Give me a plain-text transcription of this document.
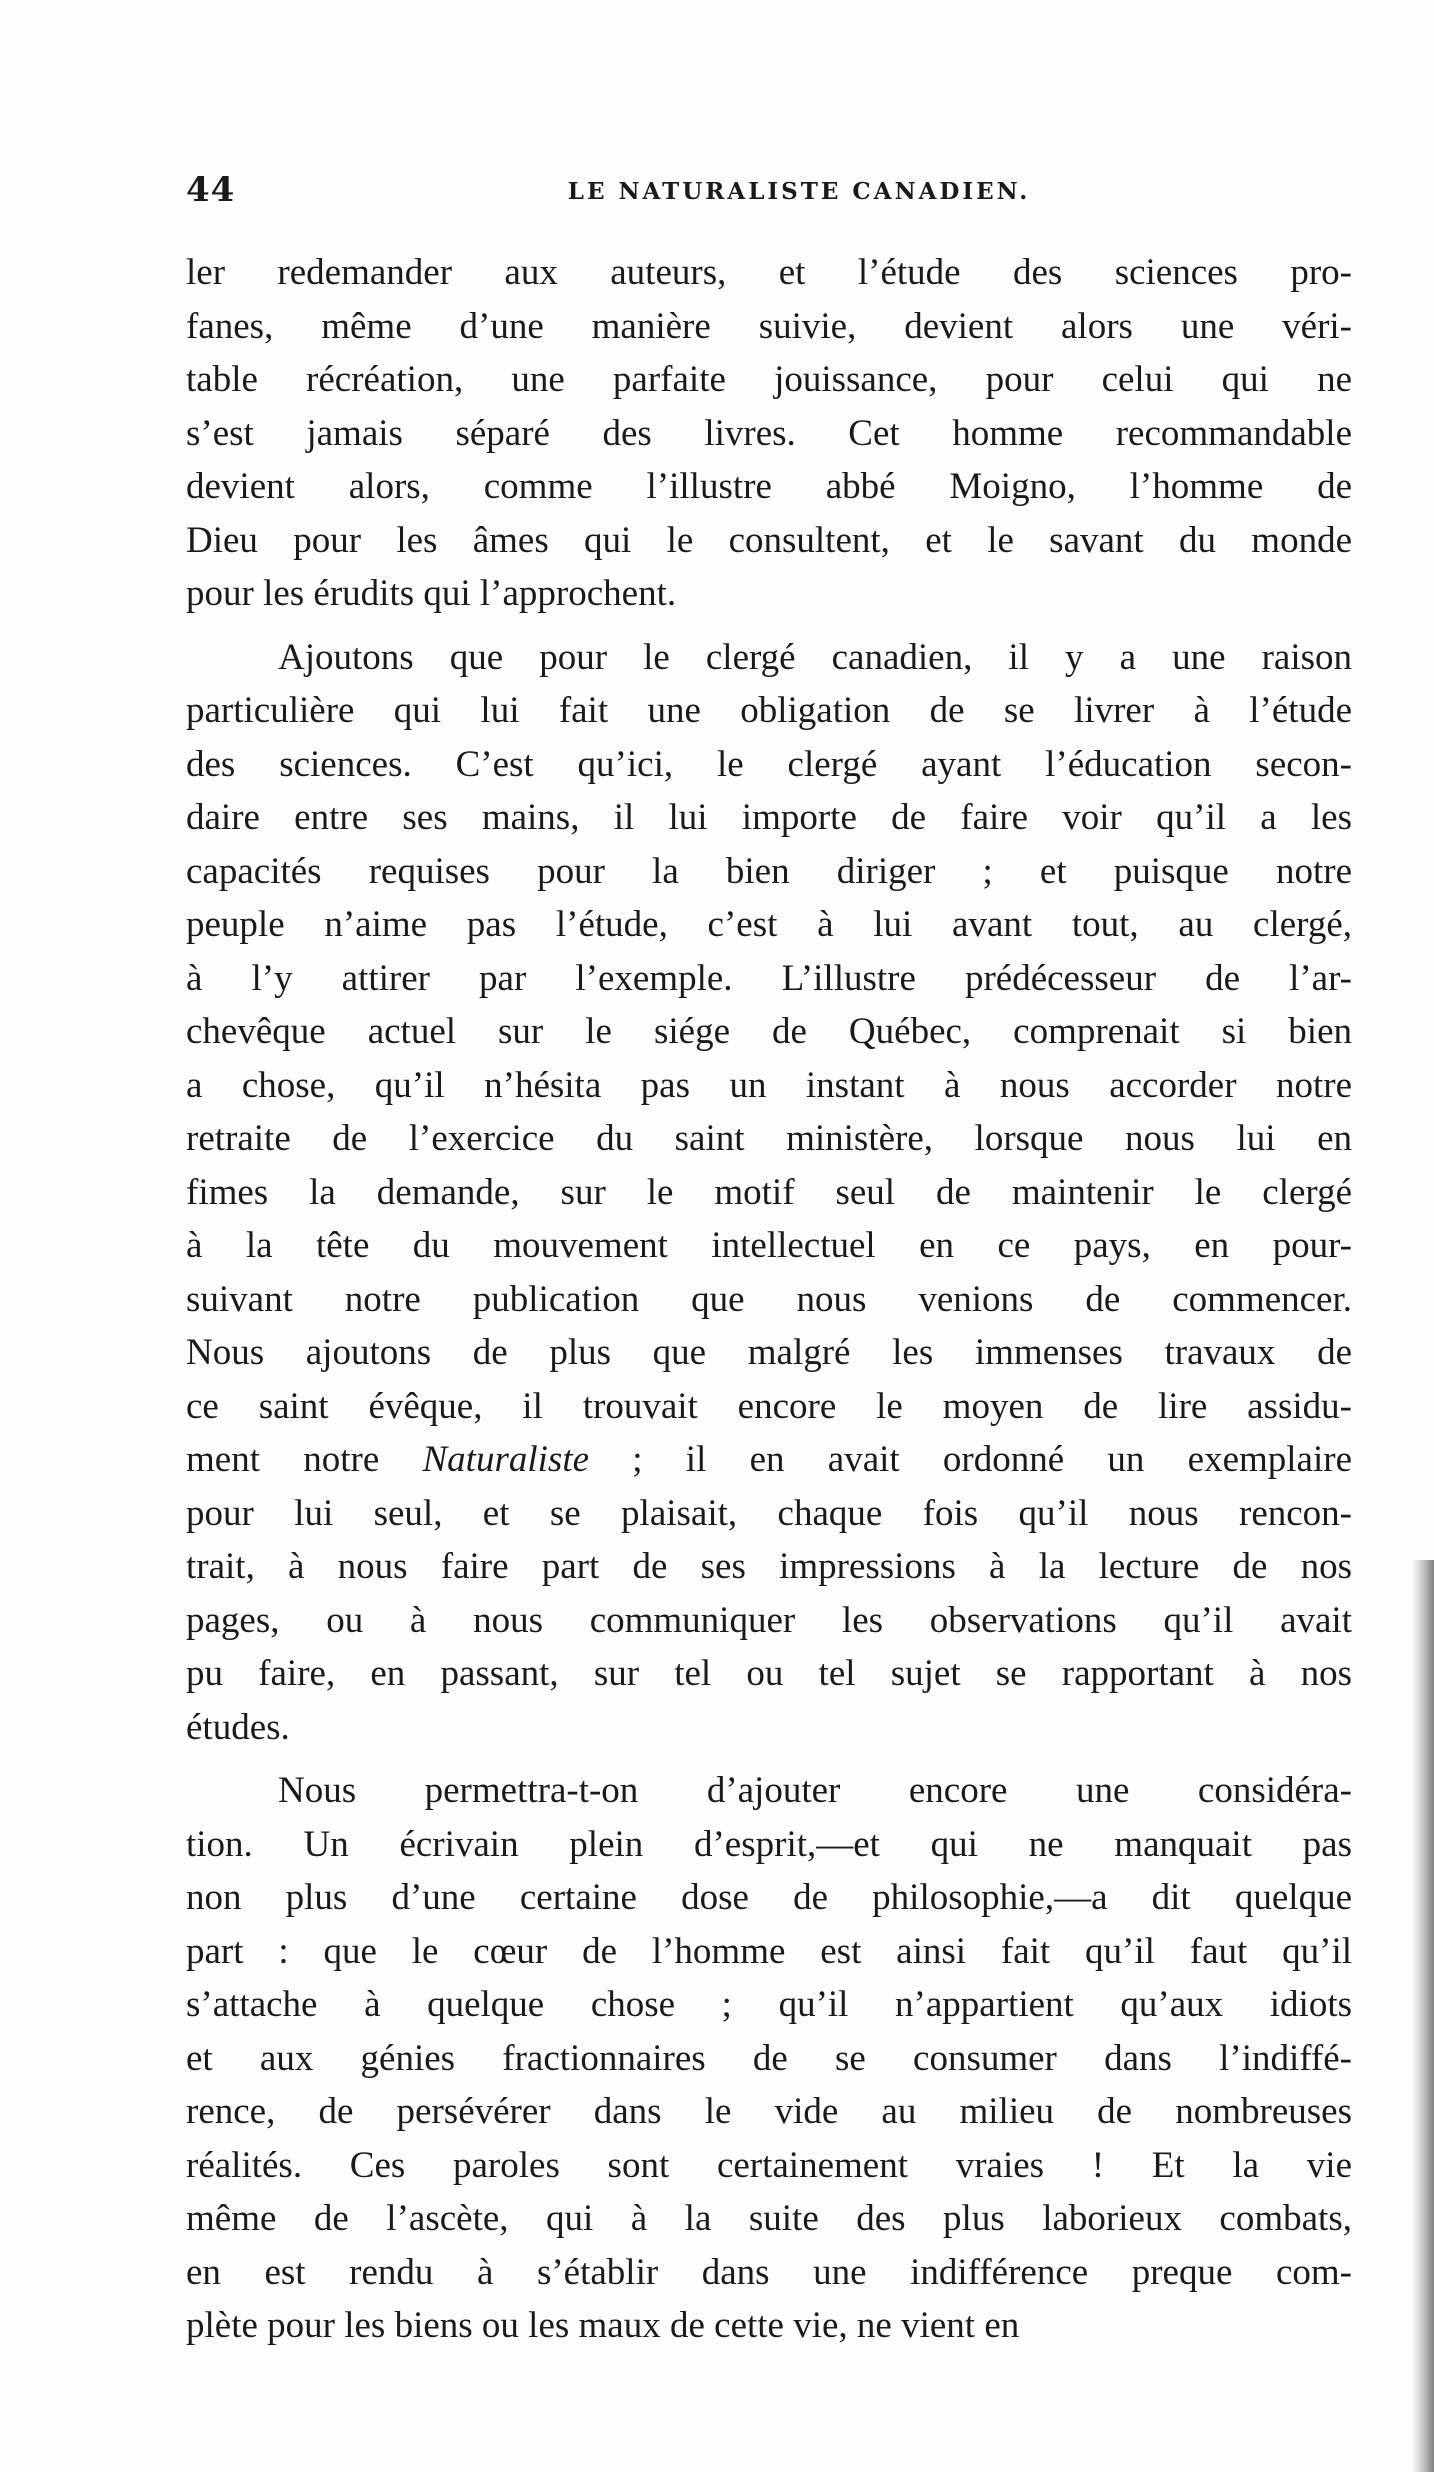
44	LE NATURALISTE CANADIEN.
ler redemander aux auteurs, et l’étude des sciences pro-
fanes, même d’une manière suivie, devient alors une véri-
table récréation, une parfaite jouissance, pour celui qui ne
s’est jamais séparé des livres. Cet homme recommandable
devient alors, comme l’illustre abbé Moigno, l’homme de
Dieu pour les âmes qui le consultent, et le savant du monde
pour les érudits qui l’approchent.
Ajoutons que pour le clergé canadien, il y a une raison
particulière qui lui fait une obligation de se livrer à l’étude
des sciences. C’est qu’ici, le clergé ayant l’éducation secon-
daire entre ses mains, il lui importe de faire voir qu’il a les
capacités requises pour la bien diriger ; et puisque notre
peuple n’aime pas l’étude, c’est à lui avant tout, au clergé,
à l’y attirer par l’exemple. L’illustre prédécesseur de l’ar-
chevêque actuel sur le siége de Québec, comprenait si bien
a chose, qu’il n’hésita pas un instant à nous accorder notre
retraite de l’exercice du saint ministère, lorsque nous lui en
fimes la demande, sur le motif seul de maintenir le clergé
à la tête du mouvement intellectuel en ce pays, en pour-
suivant notre publication que nous venions de commencer.
Nous ajoutons de plus que malgré les immenses travaux de
ce saint évêque, il trouvait encore le moyen de lire assidu-
ment notre Naturaliste ; il en avait ordonné un exemplaire
pour lui seul, et se plaisait, chaque fois qu’il nous rencon-
trait, à nous faire part de ses impressions à la lecture de nos
pages, ou à nous communiquer les observations qu’il avait
pu faire, en passant, sur tel ou tel sujet se rapportant à nos
études.
Nous permettra-t-on d’ajouter encore une considéra-
tion. Un écrivain plein d’esprit,—et qui ne manquait pas
non plus d’une certaine dose de philosophie,—a dit quelque
part : que le cœur de l’homme est ainsi fait qu’il faut qu’il
s’attache à quelque chose ; qu’il n’appartient qu’aux idiots
et aux génies fractionnaires de se consumer dans l’indiffé-
rence, de persévérer dans le vide au milieu de nombreuses
réalités. Ces paroles sont certainement vraies ! Et la vie
même de l’ascète, qui à la suite des plus laborieux combats,
en est rendu à s’établir dans une indifférence preque com-
plète pour les biens ou les maux de cette vie, ne vient en
